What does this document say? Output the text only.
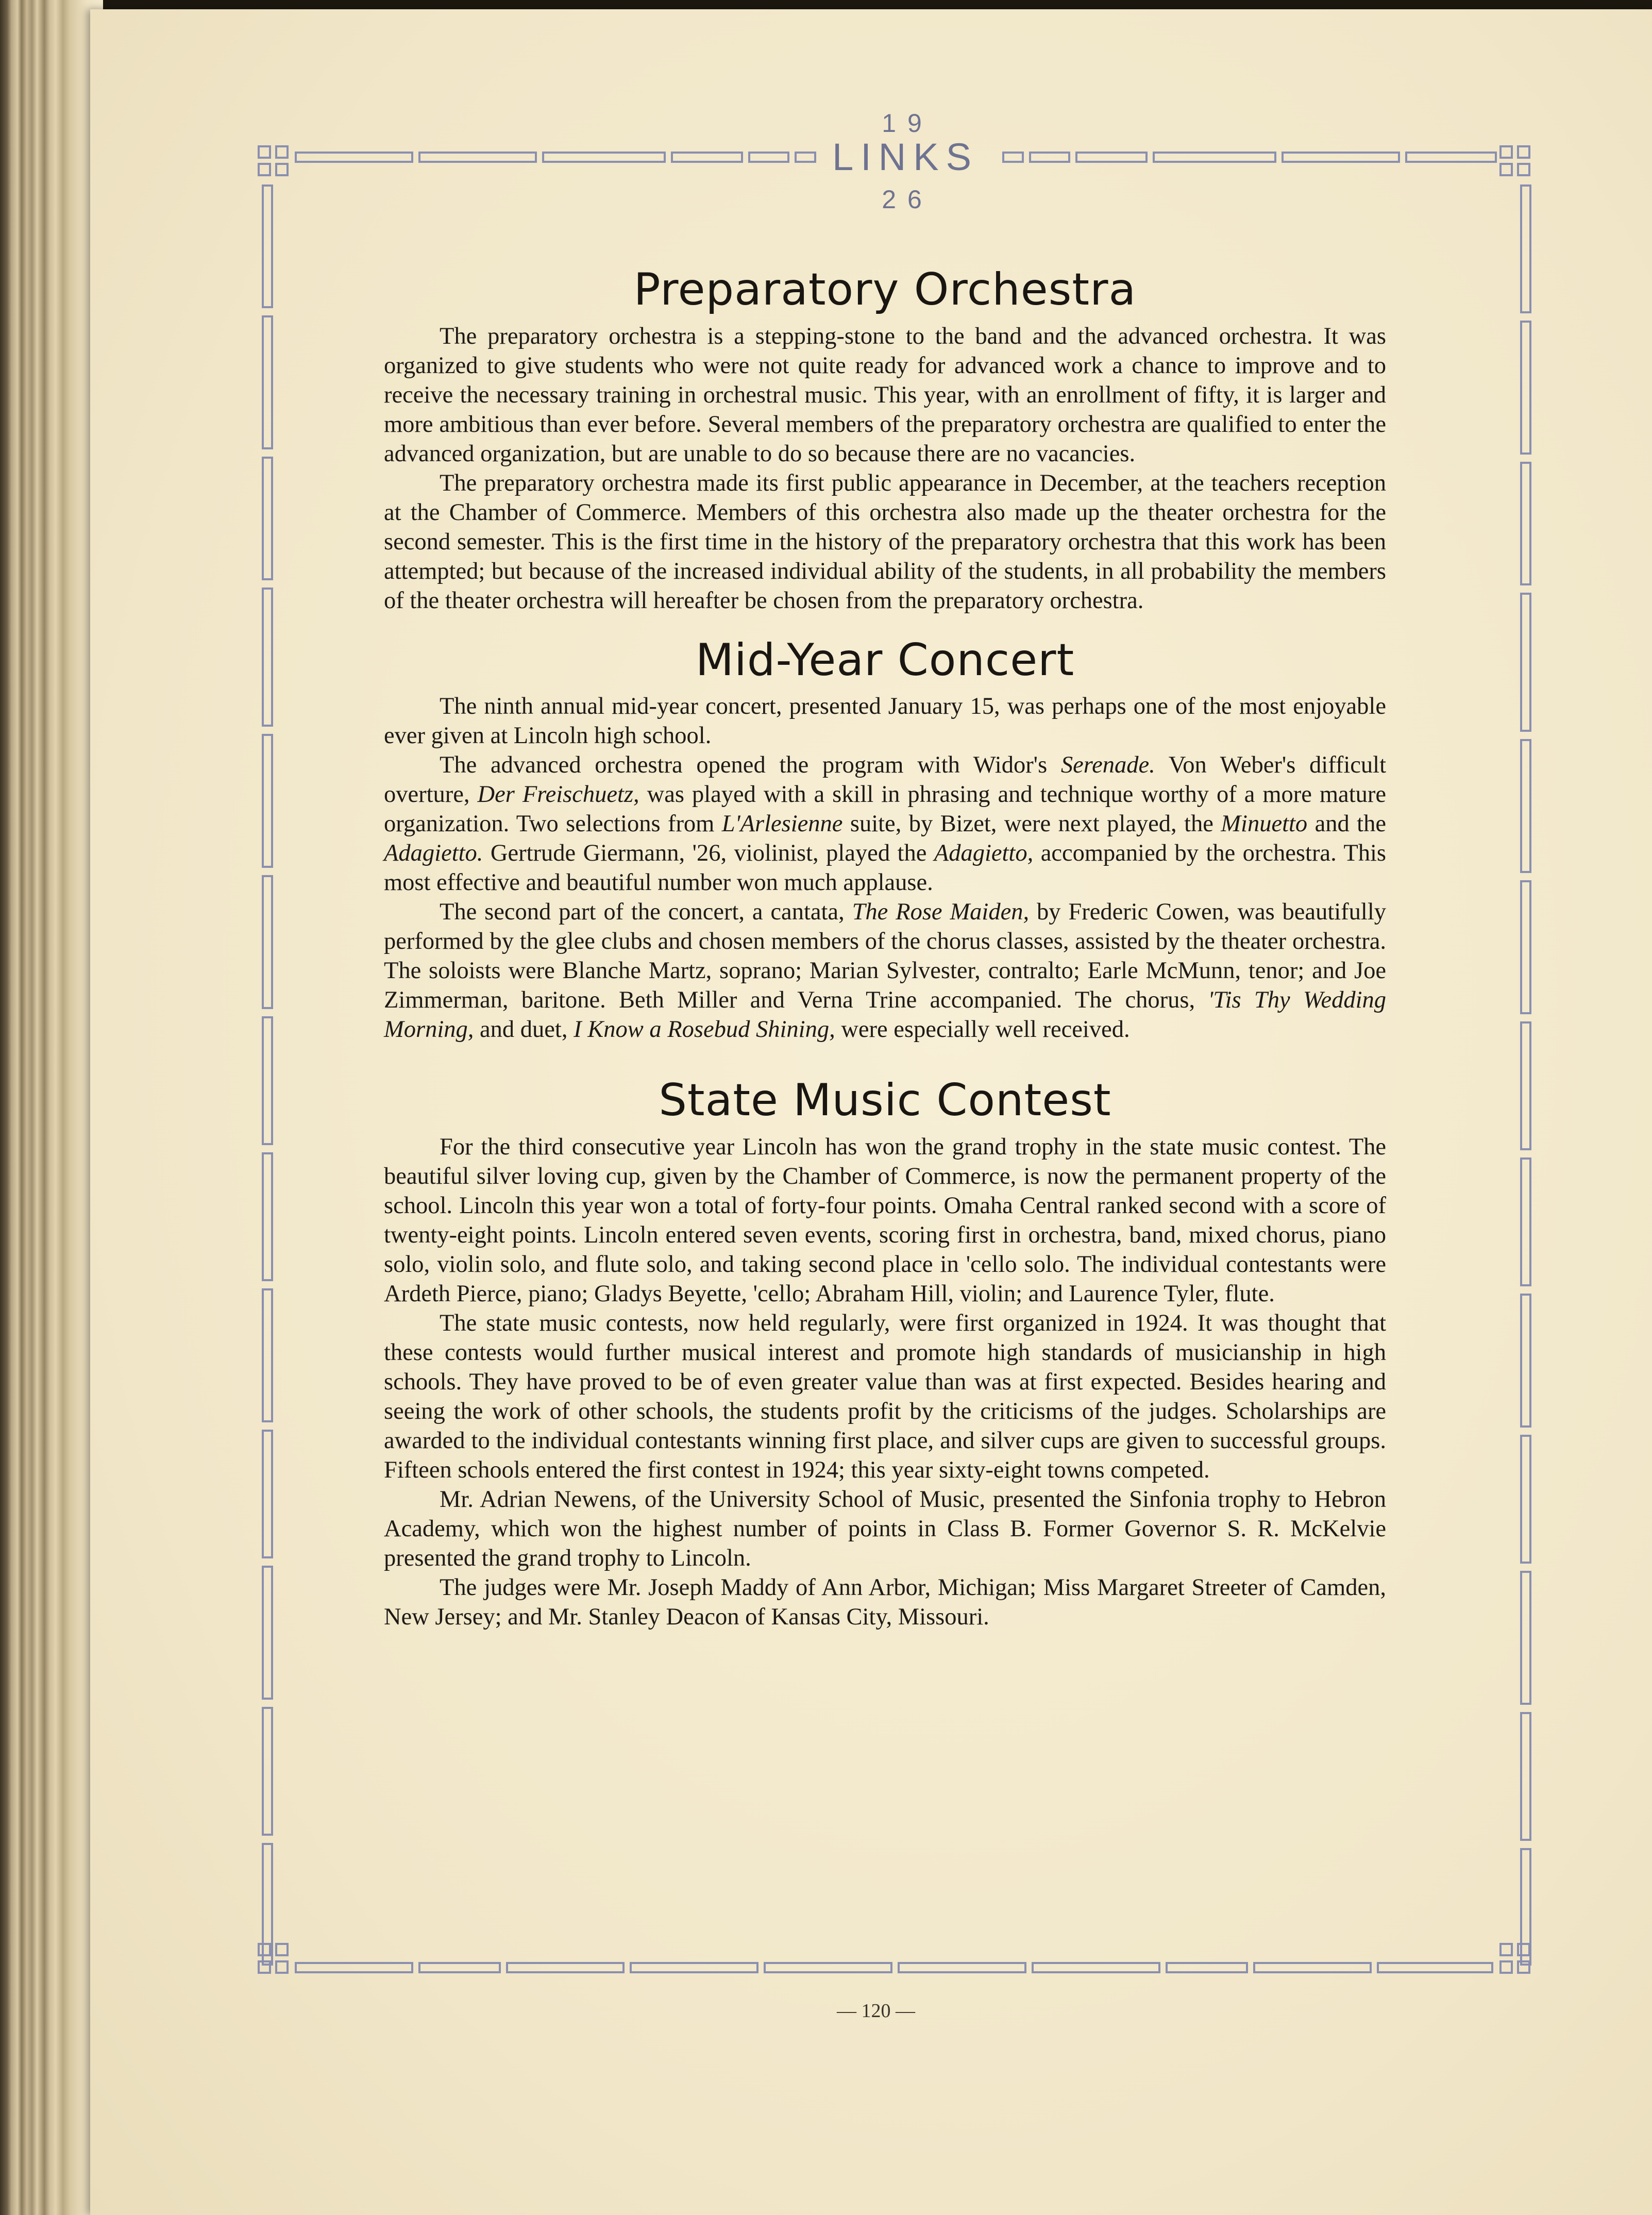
19
LINKS
26
Preparatory Orchestra

The preparatory orchestra is a stepping-stone to the band and the advanced orchestra. It was organized to give students who were not quite ready for advanced work a chance to improve and to receive the necessary training in orchestral music. This year, with an enrollment of fifty, it is larger and more ambitious than ever before. Several members of the preparatory orchestra are qualified to enter the advanced organization, but are unable to do so because there are no vacancies.

The preparatory orchestra made its first public appearance in December, at the teachers reception at the Chamber of Commerce. Members of this orchestra also made up the theater orchestra for the second semester. This is the first time in the history of the preparatory orchestra that this work has been attempted; but because of the increased individual ability of the students, in all probability the members of the theater orchestra will hereafter be chosen from the preparatory orchestra.

Mid-Year Concert

The ninth annual mid-year concert, presented January 15, was perhaps one of the most enjoyable ever given at Lincoln high school.

The advanced orchestra opened the program with Widor's Serenade. Von Weber's difficult overture, Der Freischuetz, was played with a skill in phrasing and technique worthy of a more mature organization. Two selections from L'Arlesienne suite, by Bizet, were next played, the Minuetto and the Adagietto. Gertrude Giermann, '26, violinist, played the Adagietto, accompanied by the orchestra. This most effective and beautiful number won much applause.

The second part of the concert, a cantata, The Rose Maiden, by Frederic Cowen, was beautifully performed by the glee clubs and chosen members of the chorus classes, assisted by the theater orchestra. The soloists were Blanche Martz, soprano; Marian Sylvester, contralto; Earle McMunn, tenor; and Joe Zimmerman, baritone. Beth Miller and Verna Trine accompanied. The chorus, 'Tis Thy Wedding Morning, and duet, I Know a Rosebud Shining, were especially well received.

State Music Contest

For the third consecutive year Lincoln has won the grand trophy in the state music contest. The beautiful silver loving cup, given by the Chamber of Commerce, is now the permanent property of the school. Lincoln this year won a total of forty-four points. Omaha Central ranked second with a score of twenty-eight points. Lincoln entered seven events, scoring first in orchestra, band, mixed chorus, piano solo, violin solo, and flute solo, and taking second place in 'cello solo. The individual contestants were Ardeth Pierce, piano; Gladys Beyette, 'cello; Abraham Hill, violin; and Laurence Tyler, flute.

The state music contests, now held regularly, were first organized in 1924. It was thought that these contests would further musical interest and promote high standards of musicianship in high schools. They have proved to be of even greater value than was at first expected. Besides hearing and seeing the work of other schools, the students profit by the criticisms of the judges. Scholarships are awarded to the individual contestants winning first place, and silver cups are given to successful groups. Fifteen schools entered the first contest in 1924; this year sixty-eight towns competed.

Mr. Adrian Newens, of the University School of Music, presented the Sinfonia trophy to Hebron Academy, which won the highest number of points in Class B. Former Governor S. R. McKelvie presented the grand trophy to Lincoln.

The judges were Mr. Joseph Maddy of Ann Arbor, Michigan; Miss Margaret Streeter of Camden, New Jersey; and Mr. Stanley Deacon of Kansas City, Missouri.

— 120 —
